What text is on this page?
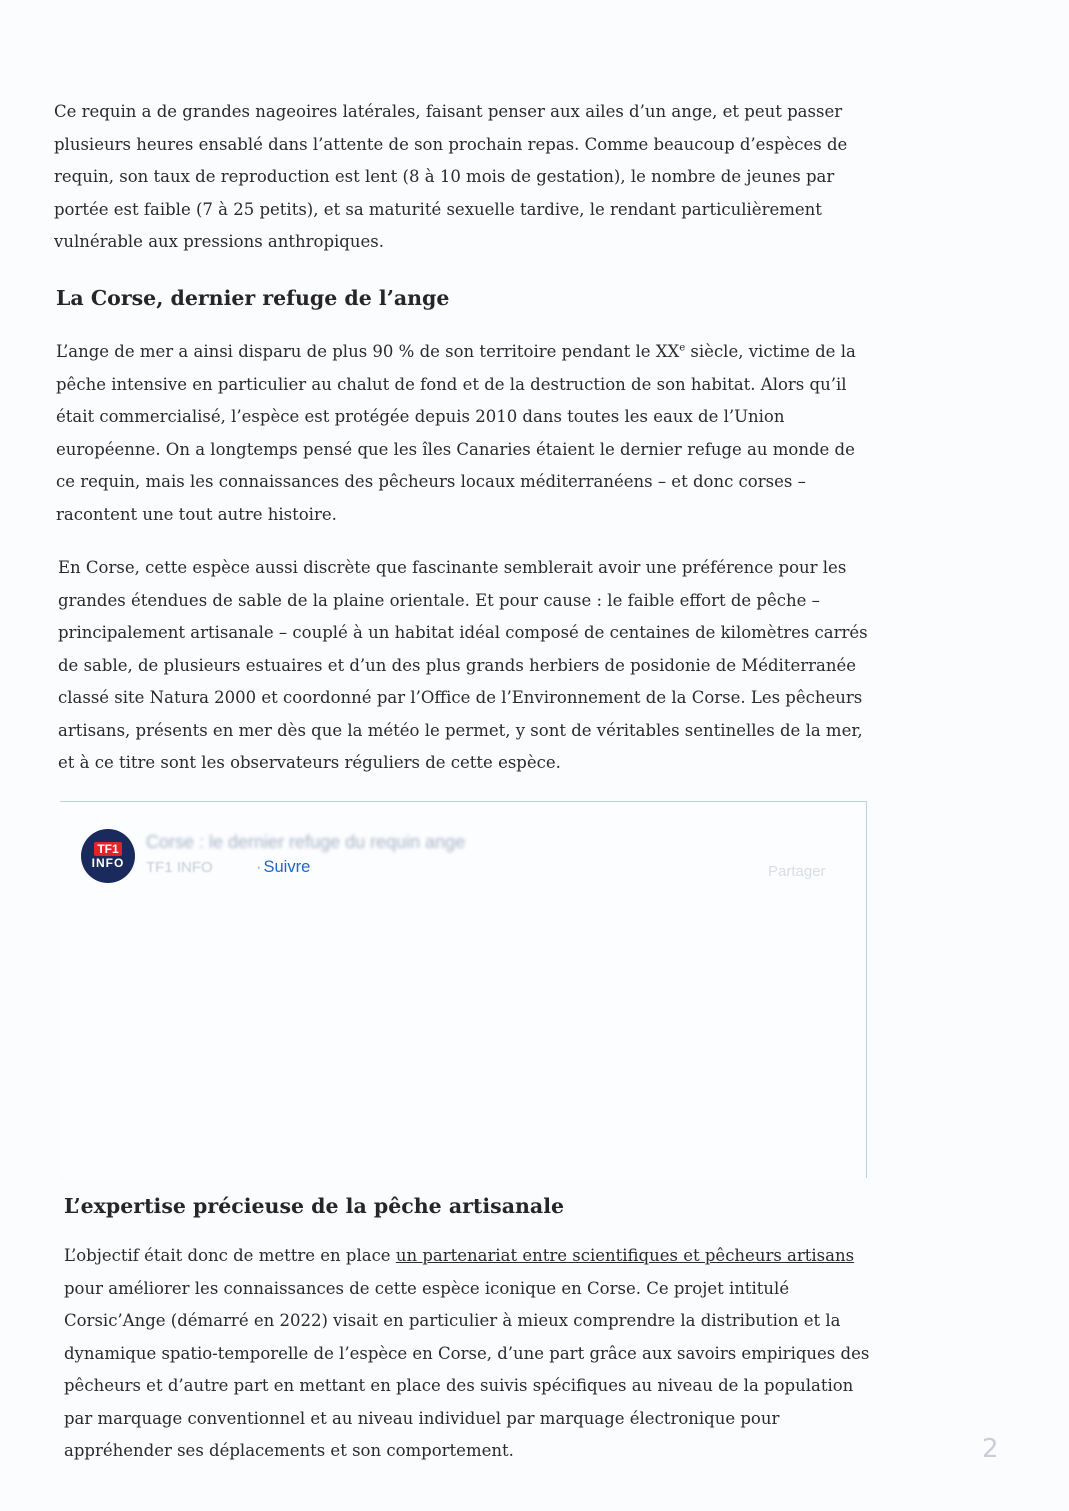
Ce requin a de grandes nageoires latérales, faisant penser aux ailes d’un ange, et peut passer plusieurs heures ensablé dans l’attente de son prochain repas. Comme beaucoup d’espèces de requin, son taux de reproduction est lent (8 à 10 mois de gestation), le nombre de jeunes par portée est faible (7 à 25 petits), et sa maturité sexuelle tardive, le rendant particulièrement vulnérable aux pressions anthropiques.

La Corse, dernier refuge de l’ange

L’ange de mer a ainsi disparu de plus 90 % de son territoire pendant le XXe siècle, victime de la pêche intensive en particulier au chalut de fond et de la destruction de son habitat. Alors qu’il était commercialisé, l’espèce est protégée depuis 2010 dans toutes les eaux de l’Union européenne. On a longtemps pensé que les îles Canaries étaient le dernier refuge au monde de ce requin, mais les connaissances des pêcheurs locaux méditerranéens – et donc corses – racontent une tout autre histoire.

En Corse, cette espèce aussi discrète que fascinante semblerait avoir une préférence pour les grandes étendues de sable de la plaine orientale. Et pour cause : le faible effort de pêche – principalement artisanale – couplé à un habitat idéal composé de centaines de kilomètres carrés de sable, de plusieurs estuaires et d’un des plus grands herbiers de posidonie de Méditerranée classé site Natura 2000 et coordonné par l’Office de l’Environnement de la Corse. Les pêcheurs artisans, présents en mer dès que la météo le permet, y sont de véritables sentinelles de la mer, et à ce titre sont les observateurs réguliers de cette espèce.

TF1
INFO
Corse : le dernier refuge du requin ange
TF1 INFO	· Suivre	Partager
L’expertise précieuse de la pêche artisanale

L’objectif était donc de mettre en place un partenariat entre scientifiques et pêcheurs artisans pour améliorer les connaissances de cette espèce iconique en Corse. Ce projet intitulé Corsic’Ange (démarré en 2022) visait en particulier à mieux comprendre la distribution et la dynamique spatio-temporelle de l’espèce en Corse, d’une part grâce aux savoirs empiriques des pêcheurs et d’autre part en mettant en place des suivis spécifiques au niveau de la population par marquage conventionnel et au niveau individuel par marquage électronique pour appréhender ses déplacements et son comportement.	2
